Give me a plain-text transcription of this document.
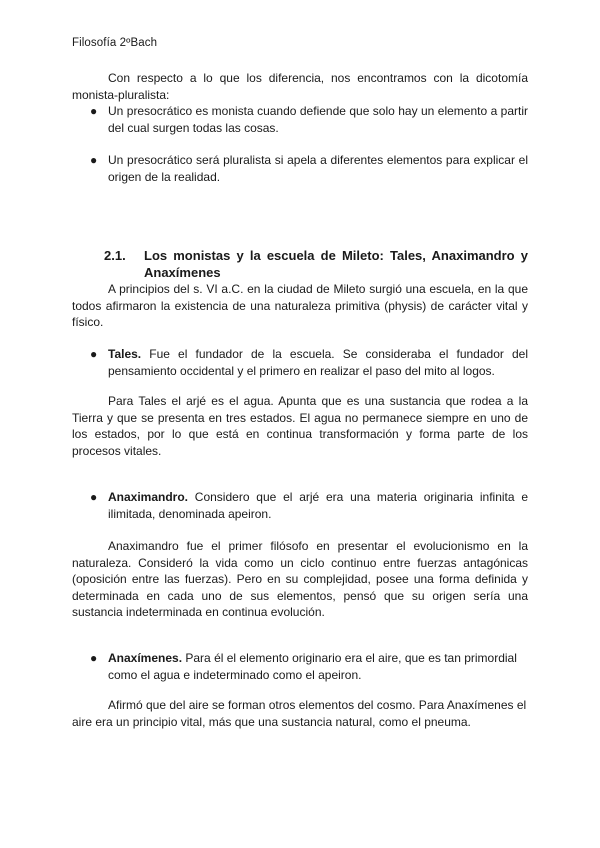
Filosofía 2ºBach
Con respecto a lo que los diferencia, nos encontramos con la dicotomía monista-pluralista:
● Un presocrático es monista cuando defiende que solo hay un elemento a partir del cual surgen todas las cosas.
● Un presocrático será pluralista si apela a diferentes elementos para explicar el origen de la realidad.
2.1. Los monistas y la escuela de Mileto: Tales, Anaximandro y Anaxímenes
A principios del s. VI a.C. en la ciudad de Mileto surgió una escuela, en la que todos afirmaron la existencia de una naturaleza primitiva (physis) de carácter vital y físico.
● Tales. Fue el fundador de la escuela. Se consideraba el fundador del pensamiento occidental y el primero en realizar el paso del mito al logos.
Para Tales el arjé es el agua. Apunta que es una sustancia que rodea a la Tierra y que se presenta en tres estados. El agua no permanece siempre en uno de los estados, por lo que está en continua transformación y forma parte de los procesos vitales.
● Anaximandro. Considero que el arjé era una materia originaria infinita e ilimitada, denominada apeiron.
Anaximandro fue el primer filósofo en presentar el evolucionismo en la naturaleza. Consideró la vida como un ciclo continuo entre fuerzas antagónicas (oposición entre las fuerzas). Pero en su complejidad, posee una forma definida y determinada en cada uno de sus elementos, pensó que su origen sería una sustancia indeterminada en continua evolución.
● Anaxímenes. Para él el elemento originario era el aire, que es tan primordial como el agua e indeterminado como el apeiron.
Afirmó que del aire se forman otros elementos del cosmo. Para Anaxímenes el aire era un principio vital, más que una sustancia natural, como el pneuma.
